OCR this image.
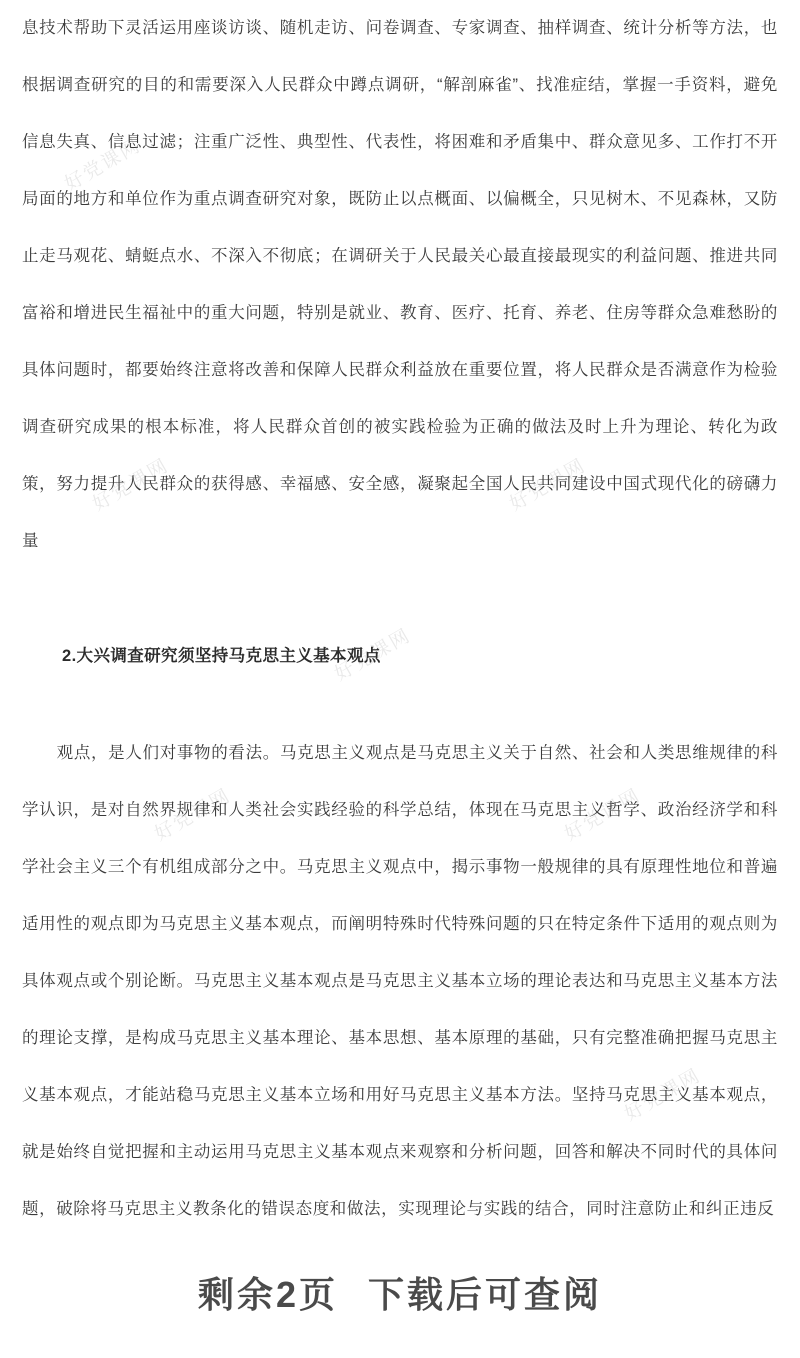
好党课网
好党课网	好党课网
好党课网
好党课网	好党课网
好党课网

息技术帮助下灵活运用座谈访谈、随机走访、问卷调查、专家调查、抽样调查、统计分析等方法，也根据调查研究的目的和需要深入人民群众中蹲点调研，“解剖麻雀”、找准症结，掌握一手资料，避免信息失真、信息过滤；注重广泛性、典型性、代表性，将困难和矛盾集中、群众意见多、工作打不开局面的地方和单位作为重点调查研究对象，既防止以点概面、以偏概全，只见树木、不见森林，又防止走马观花、蜻蜓点水、不深入不彻底；在调研关于人民最关心最直接最现实的利益问题、推进共同富裕和增进民生福祉中的重大问题，特别是就业、教育、医疗、托育、养老、住房等群众急难愁盼的具体问题时，都要始终注意将改善和保障人民群众利益放在重要位置，将人民群众是否满意作为检验调查研究成果的根本标准，将人民群众首创的被实践检验为正确的做法及时上升为理论、转化为政策，努力提升人民群众的获得感、幸福感、安全感，凝聚起全国人民共同建设中国式现代化的磅礴力量

2.大兴调查研究须坚持马克思主义基本观点

观点，是人们对事物的看法。马克思主义观点是马克思主义关于自然、社会和人类思维规律的科学认识，是对自然界规律和人类社会实践经验的科学总结，体现在马克思主义哲学、政治经济学和科学社会主义三个有机组成部分之中。马克思主义观点中，揭示事物一般规律的具有原理性地位和普遍适用性的观点即为马克思主义基本观点，而阐明特殊时代特殊问题的只在特定条件下适用的观点则为具体观点或个别论断。马克思主义基本观点是马克思主义基本立场的理论表达和马克思主义基本方法的理论支撑，是构成马克思主义基本理论、基本思想、基本原理的基础，只有完整准确把握马克思主义基本观点，才能站稳马克思主义基本立场和用好马克思主义基本方法。坚持马克思主义基本观点，就是始终自觉把握和主动运用马克思主义基本观点来观察和分析问题，回答和解决不同时代的具体问题，破除将马克思主义教条化的错误态度和做法，实现理论与实践的结合，同时注意防止和纠正违反

剩余2页 下载后可查阅
